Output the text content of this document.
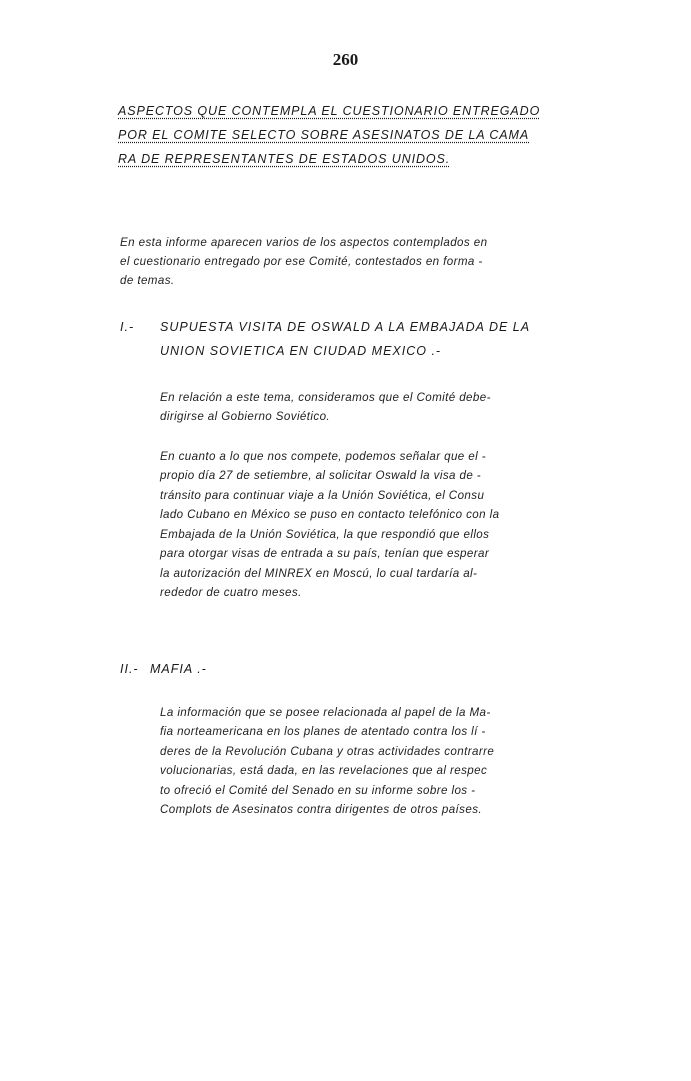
260
ASPECTOS QUE CONTEMPLA EL CUESTIONARIO ENTREGADO
POR EL COMITE SELECTO SOBRE ASESINATOS DE LA CAMA
RA DE REPRESENTANTES DE ESTADOS UNIDOS.
En esta informe aparecen varios de los aspectos contemplados en
el cuestionario entregado por ese Comité, contestados en forma -
de temas.
I.- SUPUESTA VISITA DE OSWALD A LA EMBAJADA DE LA
UNION SOVIETICA EN CIUDAD MEXICO .-
En relación a este tema, consideramos que el Comité debe-
dirigirse al Gobierno Soviético.
En cuanto a lo que nos compete, podemos señalar que el -
propio día 27 de setiembre, al solicitar Oswald la visa de -
tránsito para continuar viaje a la Unión Soviética, el Consu
lado Cubano en México se puso en contacto telefónico con la
Embajada de la Unión Soviética, la que respondió que ellos
para otorgar visas de entrada a su país, tenían que esperar
la autorización del MINREX en Moscú, lo cual tardaría al-
rededor de cuatro meses.
II.- MAFIA .-
La información que se posee relacionada al papel de la Ma-
fia norteamericana en los planes de atentado contra los lí -
deres de la Revolución Cubana y otras actividades contrarre
volucionarias, está dada, en las revelaciones que al respec
to ofreció el Comité del Senado en su informe sobre los -
Complots de Asesinatos contra dirigentes de otros países.
